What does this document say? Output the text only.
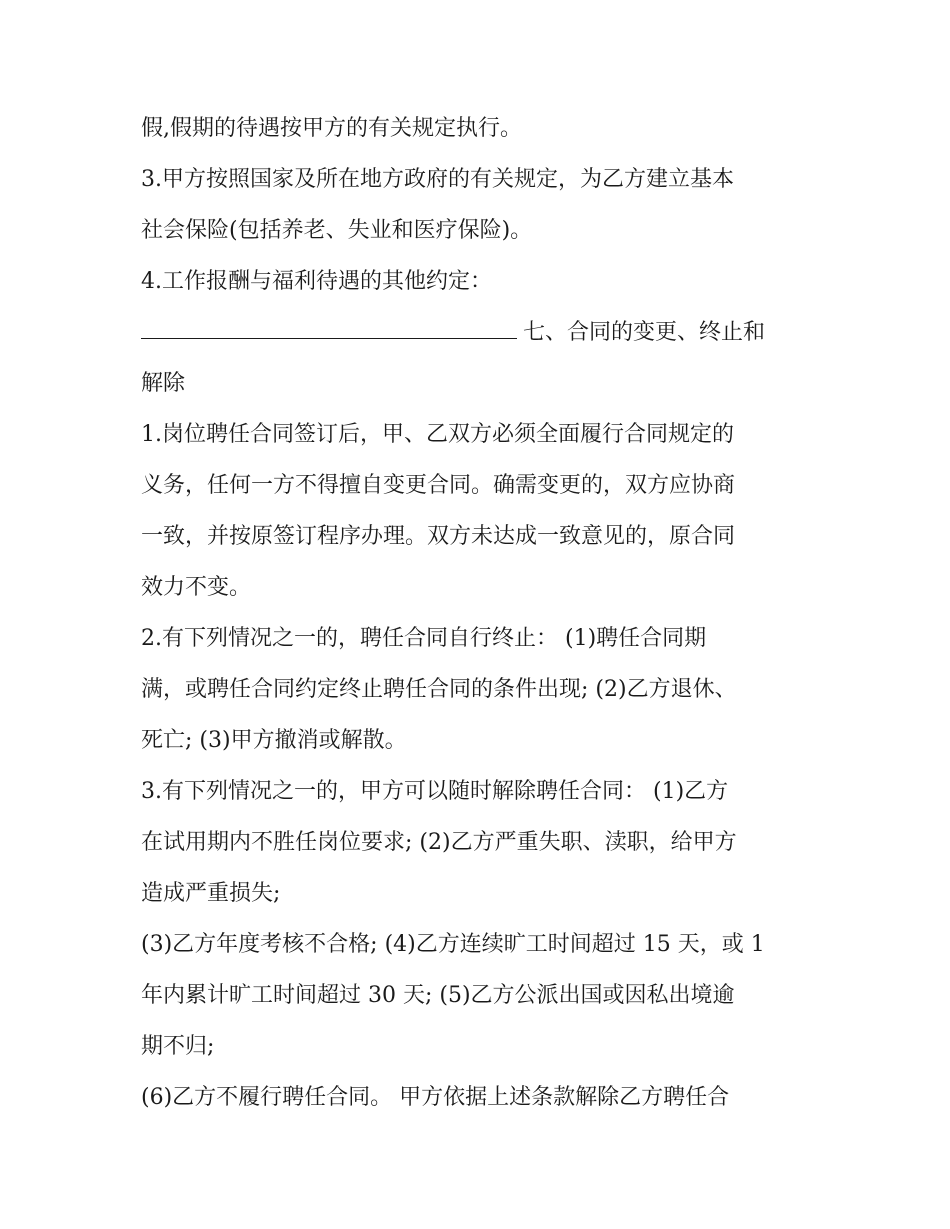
假,假期的待遇按甲方的有关规定执行。
3.甲方按照国家及所在地方政府的有关规定，为乙方建立基本
社会保险(包括养老、失业和医疗保险)。
4.工作报酬与福利待遇的其他约定：
七、合同的变更、终止和
解除
1.岗位聘任合同签订后，甲、乙双方必须全面履行合同规定的
义务，任何一方不得擅自变更合同。确需变更的，双方应协商
一致，并按原签订程序办理。双方未达成一致意见的，原合同
效力不变。
2.有下列情况之一的，聘任合同自行终止： (1)聘任合同期
满，或聘任合同约定终止聘任合同的条件出现; (2)乙方退休、
死亡; (3)甲方撤消或解散。
3.有下列情况之一的，甲方可以随时解除聘任合同： (1)乙方
在试用期内不胜任岗位要求; (2)乙方严重失职、渎职，给甲方
造成严重损失;
(3)乙方年度考核不合格; (4)乙方连续旷工时间超过 15 天，或 1
年内累计旷工时间超过 30 天; (5)乙方公派出国或因私出境逾
期不归;
(6)乙方不履行聘任合同。 甲方依据上述条款解除乙方聘任合
